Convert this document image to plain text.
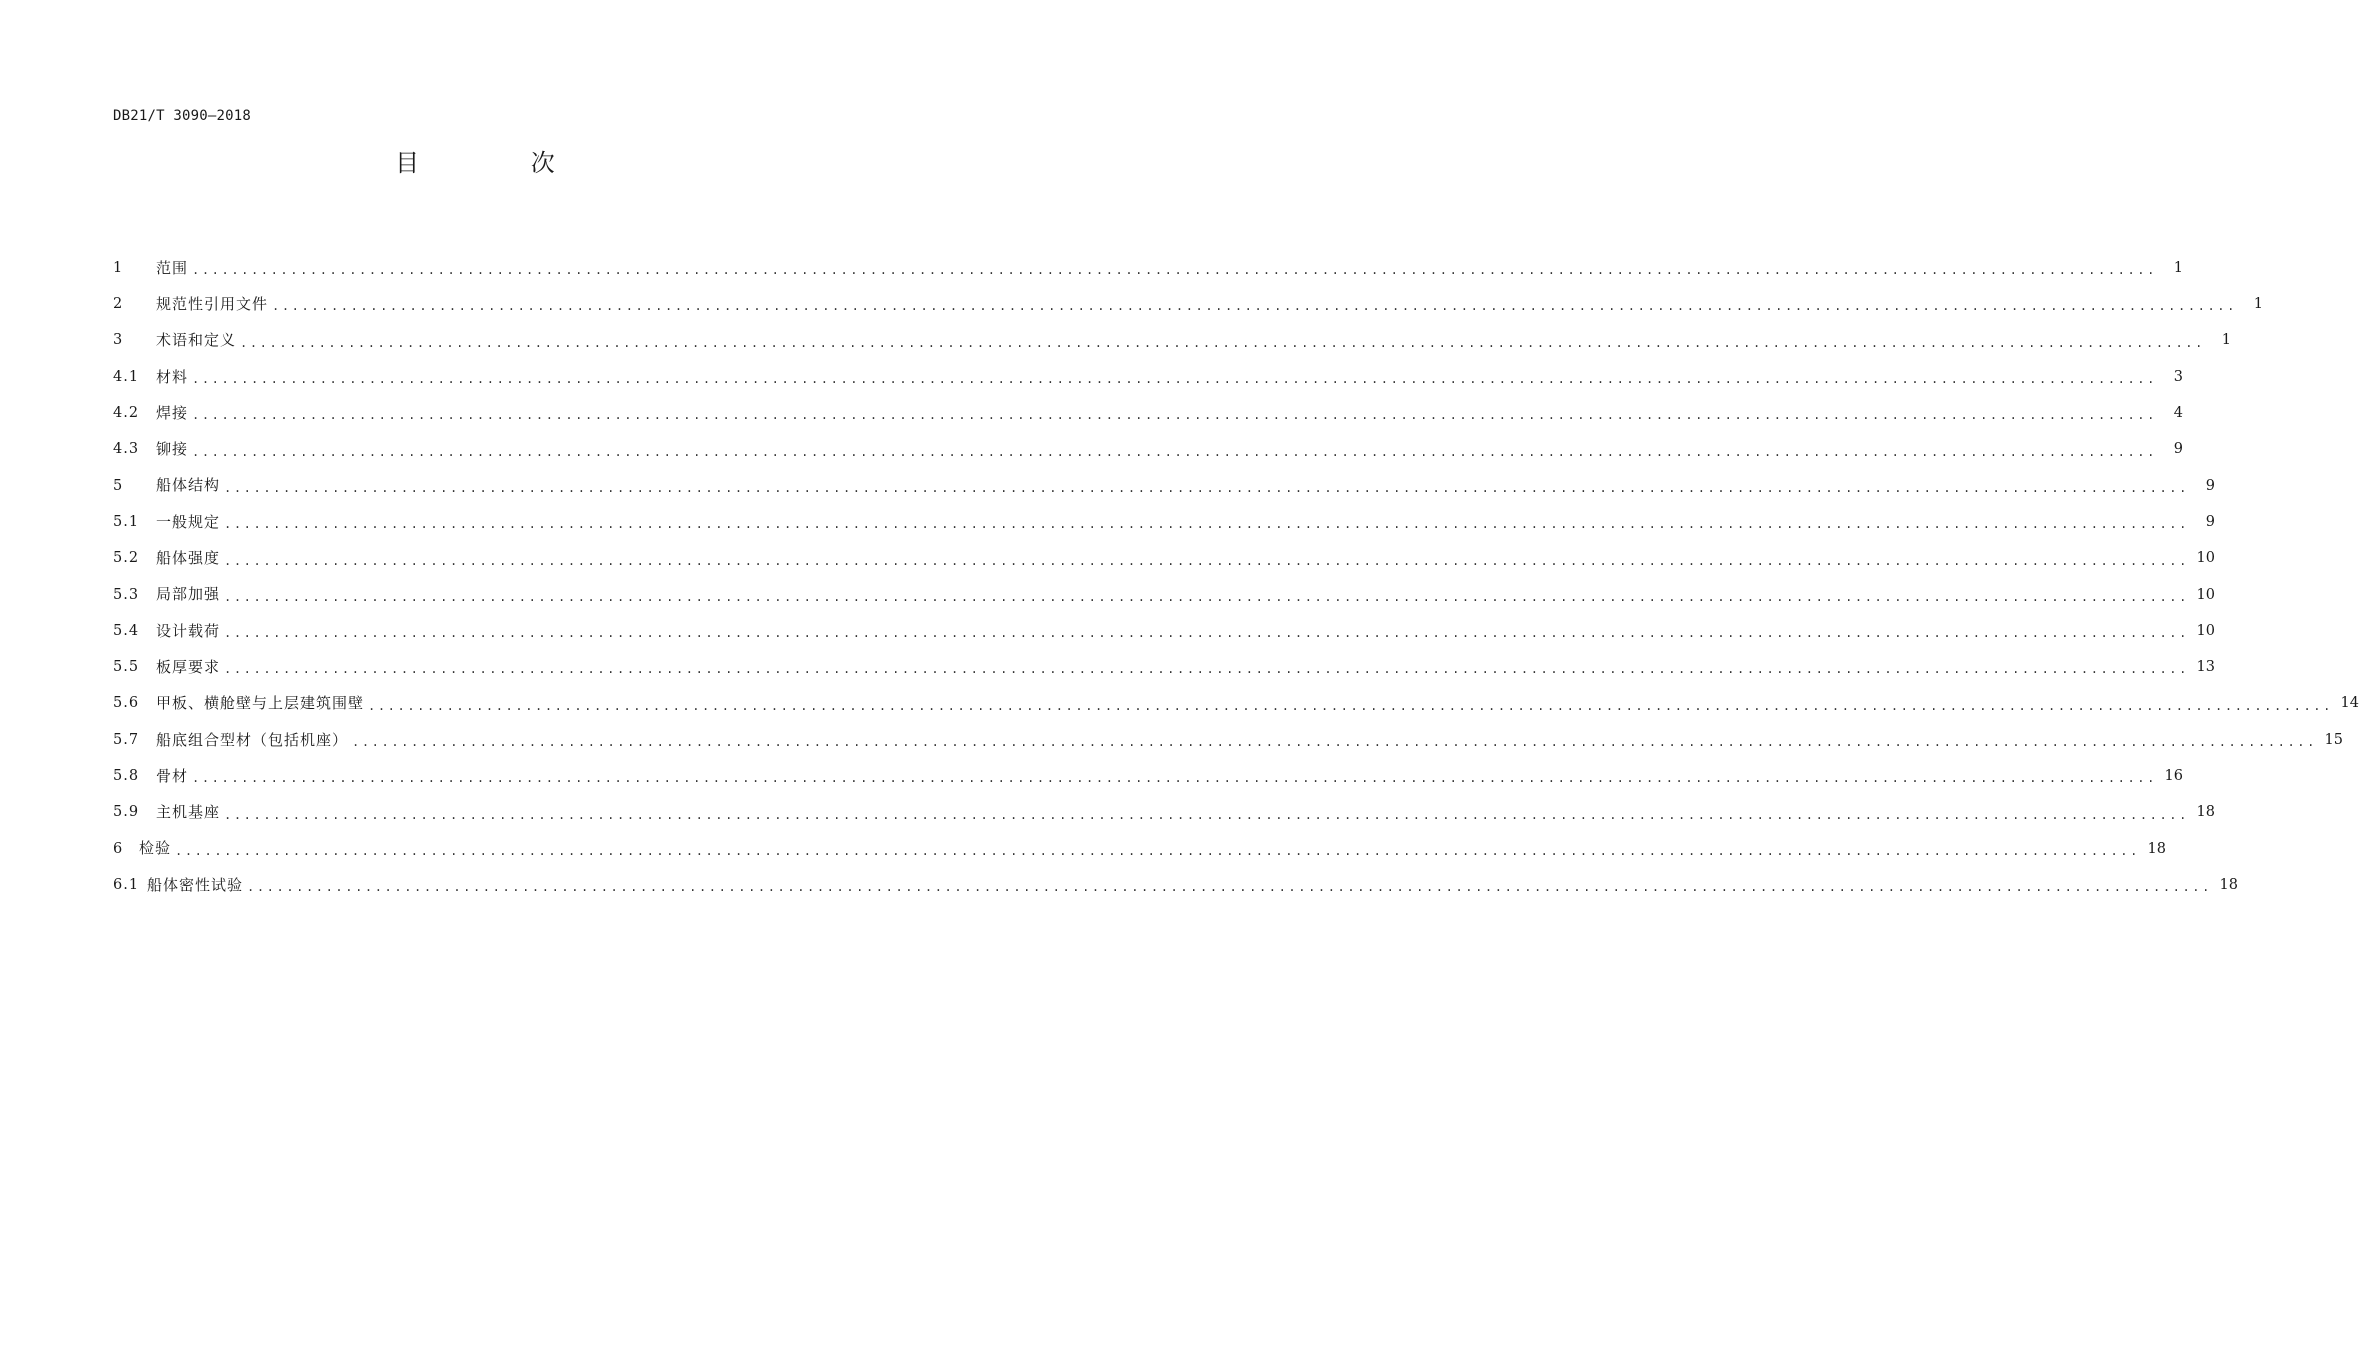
DB21/T 3090—2018
目 次
1	范围 ........................................................................................................................................................................................................	1
2	规范性引用文件 ........................................................................................................................................................................................................	1
3	术语和定义 ........................................................................................................................................................................................................	1
4.1	材料 ........................................................................................................................................................................................................	3
4.2	焊接 ........................................................................................................................................................................................................	4
4.3	铆接 ........................................................................................................................................................................................................	9
5	船体结构 ........................................................................................................................................................................................................	9
5.1	一般规定 ........................................................................................................................................................................................................	9
5.2	船体强度 ........................................................................................................................................................................................................ 10
5.3	局部加强 ........................................................................................................................................................................................................ 10
5.4	设计载荷 ........................................................................................................................................................................................................ 10
5.5	板厚要求 ........................................................................................................................................................................................................ 13
5.6	甲板、横舱壁与上层建筑围壁 ........................................................................................................................................................................................................ 14
5.7	船底组合型材（包括机座） ........................................................................................................................................................................................................ 15
5.8	骨材 ........................................................................................................................................................................................................ 16
5.9	主机基座 ........................................................................................................................................................................................................ 18
6	检验 ........................................................................................................................................................................................................ 18
6.1 船体密性试验 ........................................................................................................................................................................................................ 18
